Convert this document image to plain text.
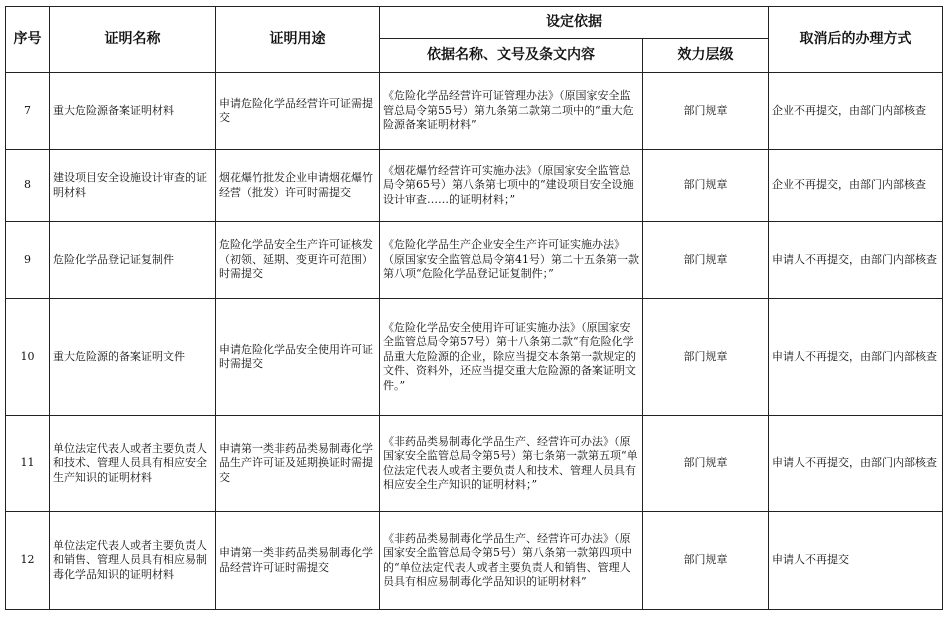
序号	证明名称	证明用途	设定依据		取消后的办理方式
			依据名称、文号及条文内容	效力层级	
7	重大危险源备案证明材料	申请危险化学品经营许可证需提交	《危险化学品经营许可证管理办法》（原国家安全监管总局令第55号）第九条第二款第二项中的“重大危险源备案证明材料”	部门规章	企业不再提交，由部门内部核查
8	建设项目安全设施设计审查的证明材料	烟花爆竹批发企业申请烟花爆竹经营（批发）许可时需提交	《烟花爆竹经营许可实施办法》（原国家安全监管总局令第65号）第八条第七项中的“建设项目安全设施设计审查……的证明材料；”	部门规章	企业不再提交，由部门内部核查
9	危险化学品登记证复制件	危险化学品安全生产许可证核发（初领、延期、变更许可范围）时需提交	《危险化学品生产企业安全生产许可证实施办法》（原国家安全监管总局令第41号）第二十五条第一款第八项“危险化学品登记证复制件；”	部门规章	申请人不再提交，由部门内部核查
10	重大危险源的备案证明文件	申请危险化学品安全使用许可证时需提交	《危险化学品安全使用许可证实施办法》（原国家安全监管总局令第57号）第十八条第二款“有危险化学品重大危险源的企业，除应当提交本条第一款规定的文件、资料外，还应当提交重大危险源的备案证明文件。”	部门规章	申请人不再提交，由部门内部核查
11	单位法定代表人或者主要负责人和技术、管理人员具有相应安全生产知识的证明材料	申请第一类非药品类易制毒化学品生产许可证及延期换证时需提交	《非药品类易制毒化学品生产、经营许可办法》（原国家安全监管总局令第5号）第七条第一款第五项“单位法定代表人或者主要负责人和技术、管理人员具有相应安全生产知识的证明材料；”	部门规章	申请人不再提交，由部门内部核查
12	单位法定代表人或者主要负责人和销售、管理人员具有相应易制毒化学品知识的证明材料	申请第一类非药品类易制毒化学品经营许可证时需提交	《非药品类易制毒化学品生产、经营许可办法》（原国家安全监管总局令第5号）第八条第一款第四项中的“单位法定代表人或者主要负责人和销售、管理人员具有相应易制毒化学品知识的证明材料”	部门规章	申请人不再提交
